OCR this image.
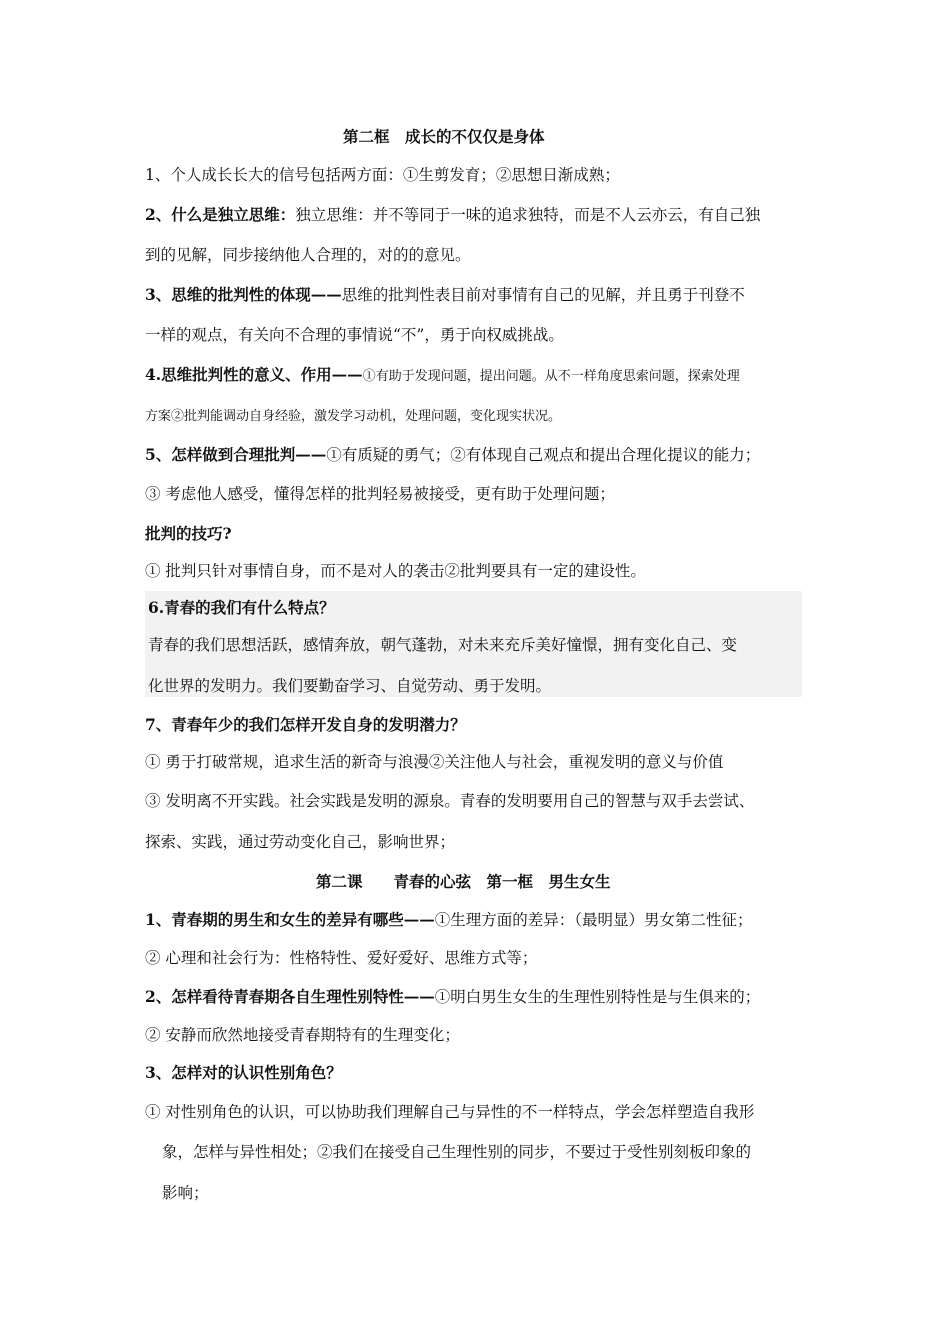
第二框　成长的不仅仅是身体
1、个人成长长大的信号包括两方面：①生剪发育；②思想日渐成熟；
2、什么是独立思维：独立思维：并不等同于一味的追求独特，而是不人云亦云，有自己独
到的见解，同步接纳他人合理的，对的的意见。
3、思维的批判性的体现——思维的批判性表目前对事情有自己的见解，并且勇于刊登不
一样的观点，有关向不合理的事情说“不”，勇于向权威挑战。
4.思维批判性的意义、作用——①有助于发现问题，提出问题。从不一样角度思索问题，探索处理
方案②批判能调动自身经验，激发学习动机，处理问题，变化现实状况。
5、怎样做到合理批判——①有质疑的勇气；②有体现自己观点和提出合理化提议的能力；
③ 考虑他人感受，懂得怎样的批判轻易被接受，更有助于处理问题；
批判的技巧?
① 批判只针对事情自身，而不是对人的袭击②批判要具有一定的建设性。
6.青春的我们有什么特点？
青春的我们思想活跃，感情奔放，朝气蓬勃，对未来充斥美好憧憬，拥有变化自己、变
化世界的发明力。我们要勤奋学习、自觉劳动、勇于发明。
7、青春年少的我们怎样开发自身的发明潜力？
① 勇于打破常规，追求生活的新奇与浪漫②关注他人与社会，重视发明的意义与价值
③ 发明离不开实践。社会实践是发明的源泉。青春的发明要用自己的智慧与双手去尝试、
探索、实践，通过劳动变化自己，影响世界；
第二课　　青春的心弦　第一框　男生女生
1、青春期的男生和女生的差异有哪些——①生理方面的差异：（最明显）男女第二性征；
② 心理和社会行为：性格特性、爱好爱好、思维方式等；
2、怎样看待青春期各自生理性别特性——①明白男生女生的生理性别特性是与生俱来的；
② 安静而欣然地接受青春期特有的生理变化；
3、怎样对的认识性别角色？
① 对性别角色的认识，可以协助我们理解自己与异性的不一样特点，学会怎样塑造自我形
象，怎样与异性相处；②我们在接受自己生理性别的同步，不要过于受性别刻板印象的
影响；
